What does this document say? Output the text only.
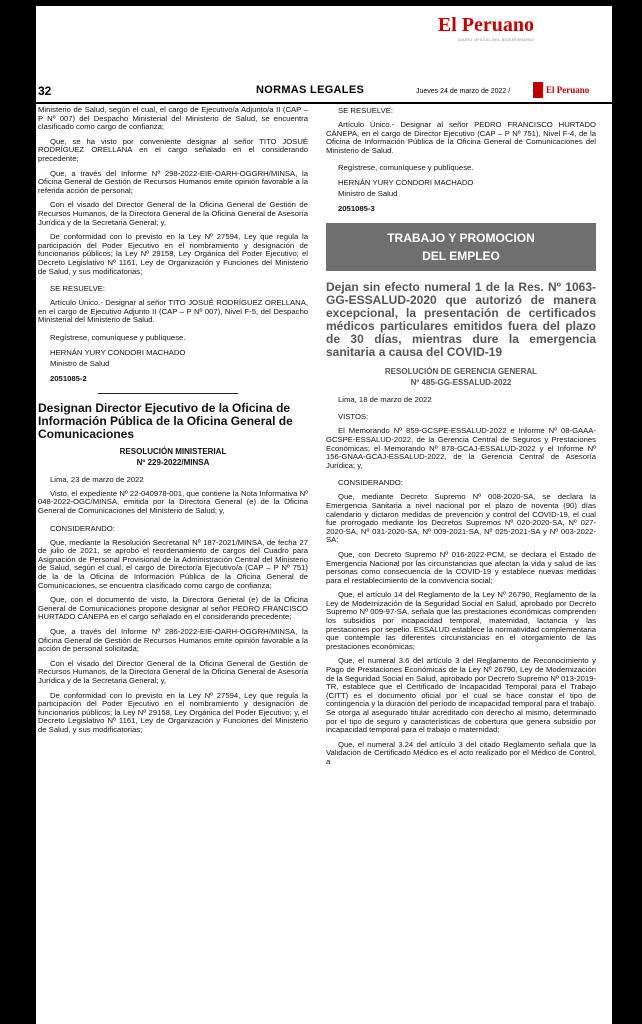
El Peruano
DIARIO OFICIAL DEL BICENTENARIO
32	NORMAS LEGALES	Jueves 24 de marzo de 2022 /	El Peruano

Ministerio de Salud, según el cual, el cargo de Ejecutivo/a Adjunto/a II (CAP – P Nº 007) del Despacho Ministerial del Ministerio de Salud, se encuentra clasificado como cargo de confianza;

Que, se ha visto por conveniente designar al señor TITO JOSUÉ RODRÍGUEZ ORELLANA en el cargo señalado en el considerando precedente;

Que, a través del Informe Nº 298-2022-EIE-OARH-OGGRH/MINSA, la Oficina General de Gestión de Recursos Humanos emite opinión favorable a la referida acción de personal;

Con el visado del Director General de la Oficina General de Gestión de Recursos Humanos, de la Directora General de la Oficina General de Asesoría Jurídica y de la Secretaria General; y,

De conformidad con lo previsto en la Ley Nº 27594, Ley que regula la participación del Poder Ejecutivo en el nombramiento y designación de funcionarios públicos; la Ley Nº 29158, Ley Orgánica del Poder Ejecutivo; el Decreto Legislativo Nº 1161, Ley de Organización y Funciones del Ministerio de Salud, y sus modificatorias;

SE RESUELVE:

Artículo Único.- Designar al señor TITO JOSUÉ RODRÍGUEZ ORELLANA, en el cargo de Ejecutivo Adjunto II (CAP – P Nº 007), Nivel F-5, del Despacho Ministerial del Ministerio de Salud.

Regístrese, comuníquese y publíquese.
HERNÁN YURY CONDORI MACHADO
Ministro de Salud
2051085-2
Designan Director Ejecutivo de la Oficina de Información Pública de la Oficina General de Comunicaciones
RESOLUCIÓN MINISTERIAL
Nº 229-2022/MINSA
Lima, 23 de marzo de 2022

Visto, el expediente Nº 22-040978-001, que contiene la Nota Informativa Nº 048-2022-OGC/MINSA, emitida por la Directora General (e) de la Oficina General de Comunicaciones del Ministerio de Salud; y,

CONSIDERANDO:

Que, mediante la Resolución Secretarial Nº 187-2021/MINSA, de fecha 27 de julio de 2021, se aprobó el reordenamiento de cargos del Cuadro para Asignación de Personal Provisional de la Administración Central del Ministerio de Salud, según el cual, el cargo de Director/a Ejecutivo/a (CAP – P Nº 751) de la de la Oficina de Información Pública de la Oficina General de Comunicaciones, se encuentra clasificado como cargo de confianza;

Que, con el documento de visto, la Directora General (e) de la Oficina General de Comunicaciones propone designar al señor PEDRO FRANCISCO HURTADO CÁNEPA en el cargo señalado en el considerando precedente;

Que, a través del Informe Nº 286-2022-EIE-OARH-OGGRH/MINSA, la Oficina General de Gestión de Recursos Humanos emite opinión favorable a la acción de personal solicitada;

Con el visado del Director General de la Oficina General de Gestión de Recursos Humanos, de la Directora General de la Oficina General de Asesoría Jurídica y de la Secretaria General; y,

De conformidad con lo previsto en la Ley Nº 27594, Ley que regula la participación del Poder Ejecutivo en el nombramiento y designación de funcionarios públicos; la Ley Nº 29158, Ley Orgánica del Poder Ejecutivo; y, el Decreto Legislativo Nº 1161, Ley de Organización y Funciones del Ministerio de Salud, y sus modificatorias;

SE RESUELVE:

Artículo Único.- Designar al señor PEDRO FRANCISCO HURTADO CÁNEPA, en el cargo de Director Ejecutivo (CAP – P Nº 751), Nivel F-4, de la Oficina de Información Pública de la Oficina General de Comunicaciones del Ministerio de Salud.

Regístrese, comuníquese y publíquese.
HERNÁN YURY CONDORI MACHADO
Ministro de Salud
2051085-3
TRABAJO Y PROMOCION
DEL EMPLEO
Dejan sin efecto numeral 1 de la Res. Nº 1063-GG-ESSALUD-2020 que autorizó de manera excepcional, la presentación de certificados médicos particulares emitidos fuera del plazo de 30 días, mientras dure la emergencia sanitaria a causa del COVID-19
RESOLUCIÓN DE GERENCIA GENERAL
Nº 485-GG-ESSALUD-2022
Lima, 18 de marzo de 2022
VISTOS:

El Memorando Nº 859-GCSPE-ESSALUD-2022 e Informe Nº 08-GAAA-GCSPE-ESSALUD-2022, de la Gerencia Central de Seguros y Prestaciones Económicas; el Memorando Nº 878-GCAJ-ESSALUD-2022 y el Informe Nº 156-GNAA-GCAJ-ESSALUD-2022, de la Gerencia Central de Asesoría Jurídica; y,

CONSIDERANDO:

Que, mediante Decreto Supremo Nº 008-2020-SA, se declara la Emergencia Sanitaria a nivel nacional por el plazo de noventa (90) días calendario y dictaron medidas de prevención y control del COVID-19, el cual fue prorrogado mediante los Decretos Supremos Nº 020-2020-SA, Nº 027-2020-SA, Nº 031-2020-SA, Nº 009-2021-SA, Nº 025-2021-SA y Nº 003-2022-SA;

Que, con Decreto Supremo Nº 016-2022-PCM, se declara el Estado de Emergencia Nacional por las circunstancias que afectan la vida y salud de las personas como consecuencia de la COVID-19 y establece nuevas medidas para el restablecimiento de la convivencia social;

Que, el artículo 14 del Reglamento de la Ley Nº 26790, Reglamento de la Ley de Modernización de la Seguridad Social en Salud, aprobado por Decreto Supremo Nº 009-97-SA, señala que las prestaciones económicas comprenden los subsidios por incapacidad temporal, maternidad, lactancia y las prestaciones por sepelio. ESSALUD establece la normatividad complementaria que contemple las diferentes circunstancias en el otorgamiento de las prestaciones económicas;

Que, el numeral 3.6 del artículo 3 del Reglamento de Reconocimiento y Pago de Prestaciones Económicas de la Ley Nº 26790, Ley de Modernización de la Seguridad Social en Salud, aprobado por Decreto Supremo Nº 013-2019-TR, establece que el Certificado de Incapacidad Temporal para el Trabajo (CITT) es el documento oficial por el cual se hace constar el tipo de contingencia y la duración del período de incapacidad temporal para el trabajo. Se otorga al asegurado titular acreditado con derecho al mismo, determinado por el tipo de seguro y características de cobertura que genera subsidio por incapacidad temporal para el trabajo o maternidad;

Que, el numeral 3.24 del artículo 3 del citado Reglamento señala que la Validación de Certificado Médico es el acto realizado por el Médico de Control, a
